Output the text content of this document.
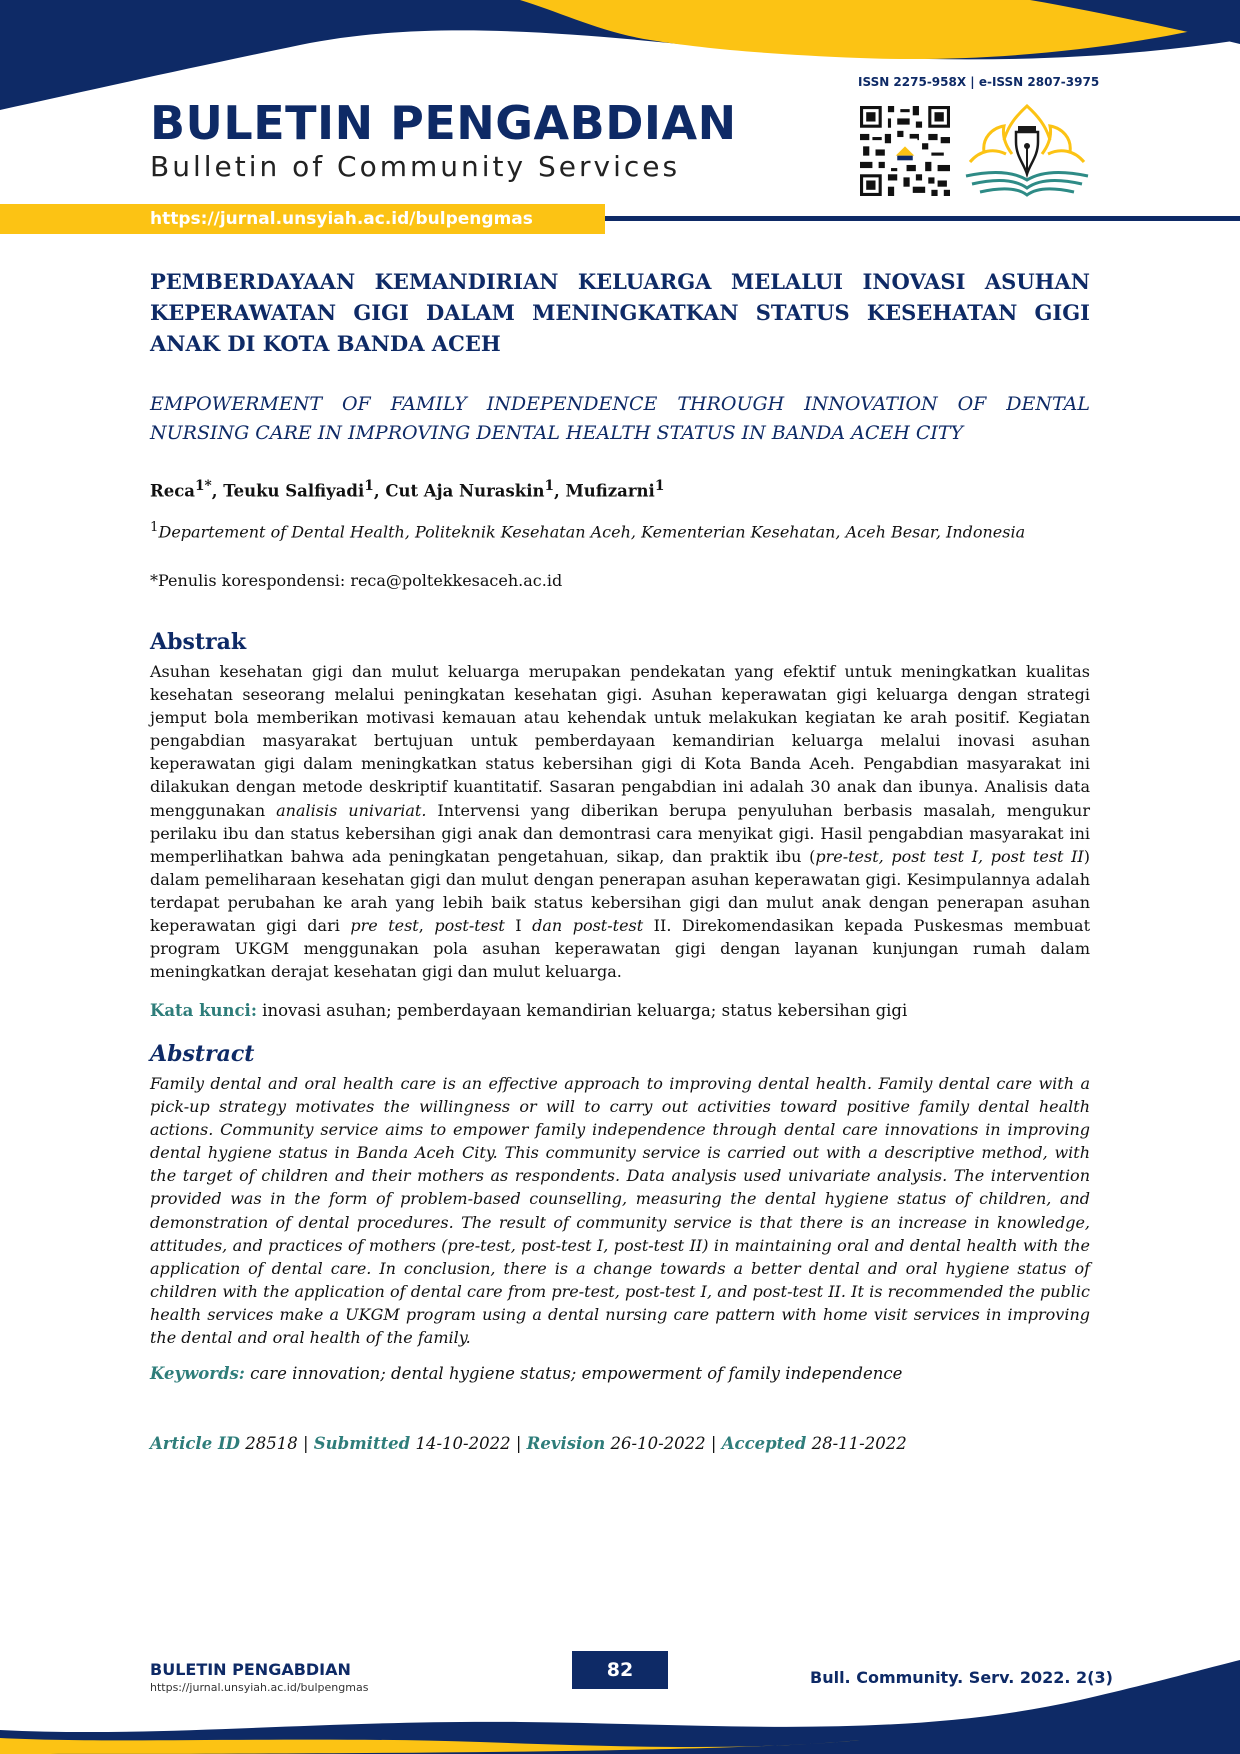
BULETIN PENGABDIAN
Bulletin of Community Services
ISSN 2275-958X | e-ISSN 2807-3975
https://jurnal.unsyiah.ac.id/bulpengmas
PEMBERDAYAAN KEMANDIRIAN KELUARGA MELALUI INOVASI ASUHAN KEPERAWATAN GIGI DALAM MENINGKATKAN STATUS KESEHATAN GIGI ANAK DI KOTA BANDA ACEH
EMPOWERMENT OF FAMILY INDEPENDENCE THROUGH INNOVATION OF DENTAL NURSING CARE IN IMPROVING DENTAL HEALTH STATUS IN BANDA ACEH CITY
Reca$^{1*}$, Teuku Salfiyadi$^1$, Cut Aja Nuraskin$^1$, Mufizarni$^1$
$^1$Departement of Dental Health, Politeknik Kesehatan Aceh, Kementerian Kesehatan, Aceh Besar, Indonesia
*Penulis korespondensi: reca@poltekkesaceh.ac.id
Abstrak
Asuhan kesehatan gigi dan mulut keluarga merupakan pendekatan yang efektif untuk meningkatkan kualitas kesehatan seseorang melalui peningkatan kesehatan gigi. Asuhan keperawatan gigi keluarga dengan strategi jemput bola memberikan motivasi kemauan atau kehendak untuk melakukan kegiatan ke arah positif. Kegiatan pengabdian masyarakat bertujuan untuk pemberdayaan kemandirian keluarga melalui inovasi asuhan keperawatan gigi dalam meningkatkan status kebersihan gigi di Kota Banda Aceh. Pengabdian masyarakat ini dilakukan dengan metode deskriptif kuantitatif. Sasaran pengabdian ini adalah 30 anak dan ibunya. Analisis data menggunakan analisis univariat. Intervensi yang diberikan berupa penyuluhan berbasis masalah, mengukur perilaku ibu dan status kebersihan gigi anak dan demontrasi cara menyikat gigi. Hasil pengabdian masyarakat ini memperlihatkan bahwa ada peningkatan pengetahuan, sikap, dan praktik ibu (pre-test, post test I, post test II) dalam pemeliharaan kesehatan gigi dan mulut dengan penerapan asuhan keperawatan gigi. Kesimpulannya adalah terdapat perubahan ke arah yang lebih baik status kebersihan gigi dan mulut anak dengan penerapan asuhan keperawatan gigi dari pre test, post-test I dan post-test II. Direkomendasikan kepada Puskesmas membuat program UKGM menggunakan pola asuhan keperawatan gigi dengan layanan kunjungan rumah dalam meningkatkan derajat kesehatan gigi dan mulut keluarga.
Kata kunci: inovasi asuhan; pemberdayaan kemandirian keluarga; status kebersihan gigi
Abstract
Family dental and oral health care is an effective approach to improving dental health. Family dental care with a pick-up strategy motivates the willingness or will to carry out activities toward positive family dental health actions. Community service aims to empower family independence through dental care innovations in improving dental hygiene status in Banda Aceh City. This community service is carried out with a descriptive method, with the target of children and their mothers as respondents. Data analysis used univariate analysis. The intervention provided was in the form of problem-based counselling, measuring the dental hygiene status of children, and demonstration of dental procedures. The result of community service is that there is an increase in knowledge, attitudes, and practices of mothers (pre-test, post-test I, post-test II) in maintaining oral and dental health with the application of dental care. In conclusion, there is a change towards a better dental and oral hygiene status of children with the application of dental care from pre-test, post-test I, and post-test II. It is recommended the public health services make a UKGM program using a dental nursing care pattern with home visit services in improving the dental and oral health of the family.
Keywords: care innovation; dental hygiene status; empowerment of family independence
Article ID 28518 | Submitted 14-10-2022 | Revision 26-10-2022 | Accepted 28-11-2022
BULETIN PENGABDIAN
https://jurnal.unsyiah.ac.id/bulpengmas
82	Bull. Community. Serv. 2022. 2(3)
